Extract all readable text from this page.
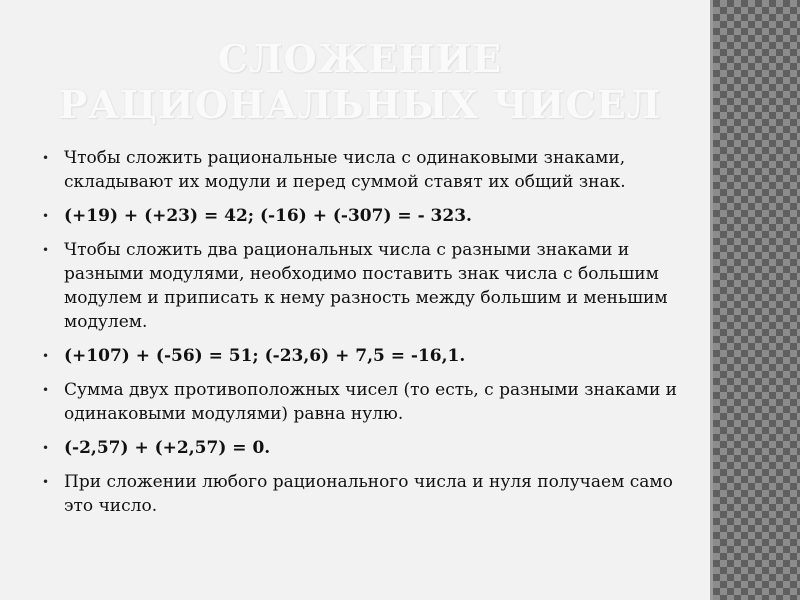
СЛОЖЕНИЕ
РАЦИОНАЛЬНЫХ ЧИСЕЛ
• Чтобы сложить рациональные числа с одинаковыми знаками, складывают их модули и перед суммой ставят их общий знак.
• (+19) + (+23) = 42; (-16) + (-307) = - 323.
• Чтобы сложить два рациональных числа с разными знаками и разными модулями, необходимо поставить знак числа с большим модулем и приписать к нему разность между большим и меньшим модулем.
• (+107) + (-56) = 51; (-23,6) + 7,5 = -16,1.
• Сумма двух противоположных чисел (то есть, с разными знаками и одинаковыми модулями) равна нулю.
• (-2,57) + (+2,57) = 0.
• При сложении любого рационального числа и нуля получаем само это число.
